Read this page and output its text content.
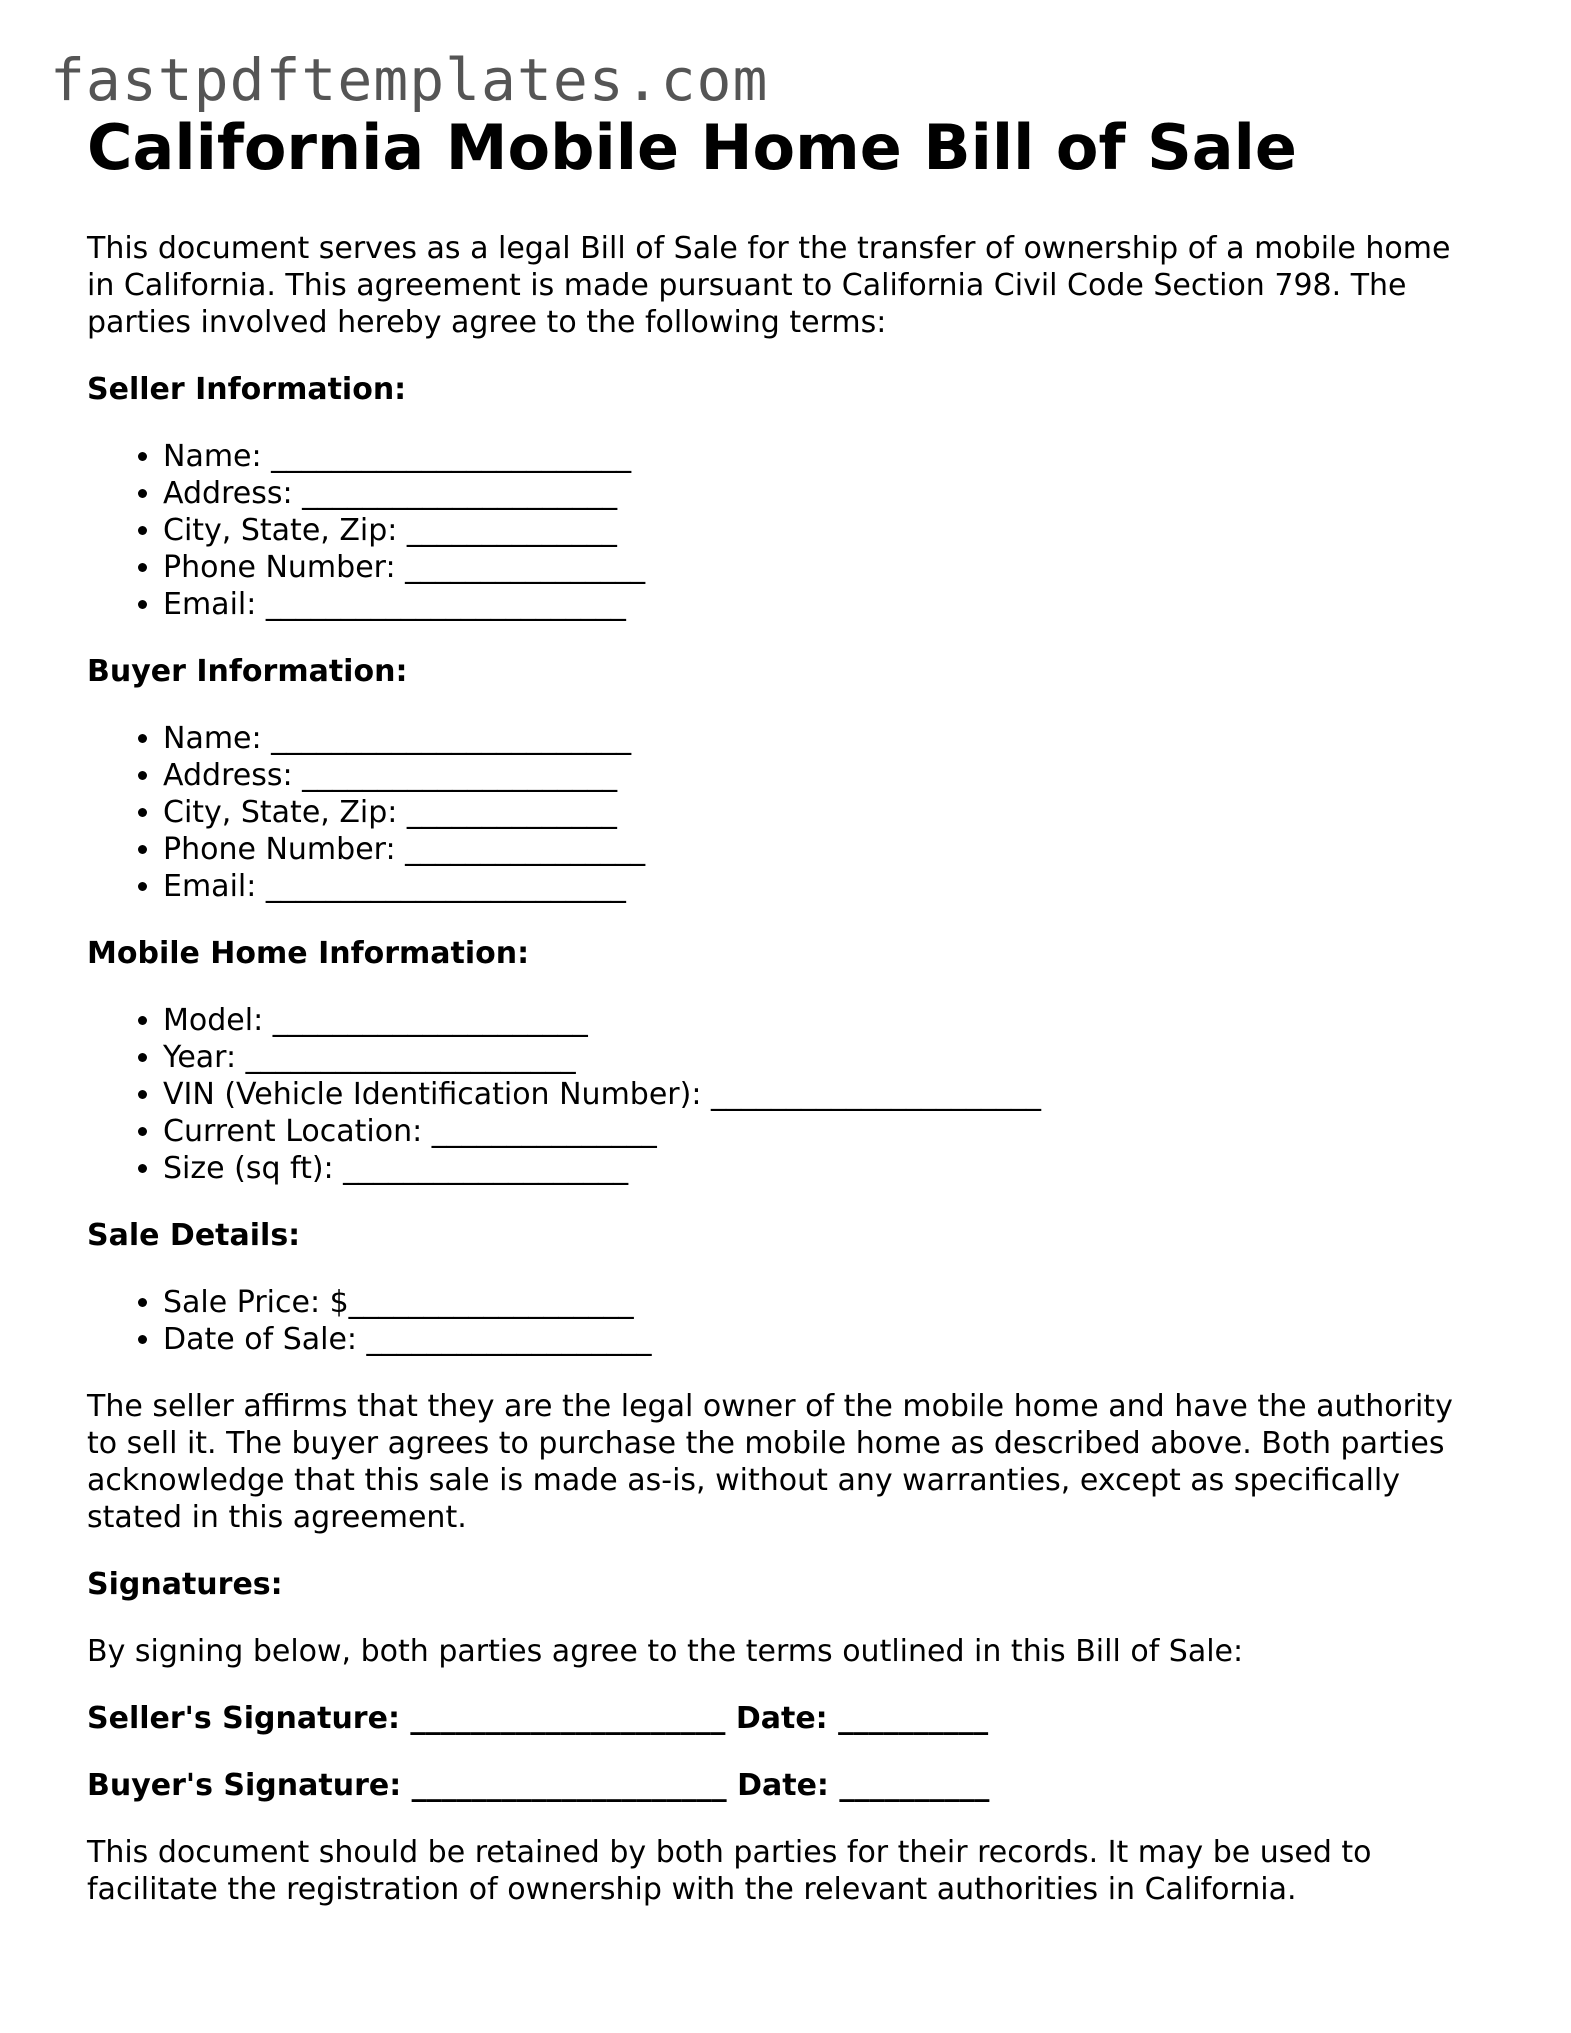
fastpdftemplates.com
California Mobile Home Bill of Sale

This document serves as a legal Bill of Sale for the transfer of ownership of a mobile home in California. This agreement is made pursuant to California Civil Code Section 798. The parties involved hereby agree to the following terms:

Seller Information:

• Name: ________________________
• Address: _____________________
• City, State, Zip: ______________
• Phone Number: ________________
• Email: ________________________

Buyer Information:

• Name: ________________________
• Address: _____________________
• City, State, Zip: ______________
• Phone Number: ________________
• Email: ________________________

Mobile Home Information:

• Model: _____________________
• Year: ______________________
• VIN (Vehicle Identification Number): ______________________
• Current Location: _______________
• Size (sq ft): ___________________

Sale Details:

• Sale Price: $___________________
• Date of Sale: ___________________

The seller affirms that they are the legal owner of the mobile home and have the authority to sell it. The buyer agrees to purchase the mobile home as described above. Both parties acknowledge that this sale is made as-is, without any warranties, except as specifically stated in this agreement.

Signatures:

By signing below, both parties agree to the terms outlined in this Bill of Sale:

Seller's Signature: _____________________ Date: __________

Buyer's Signature: _____________________ Date: __________

This document should be retained by both parties for their records. It may be used to facilitate the registration of ownership with the relevant authorities in California.
